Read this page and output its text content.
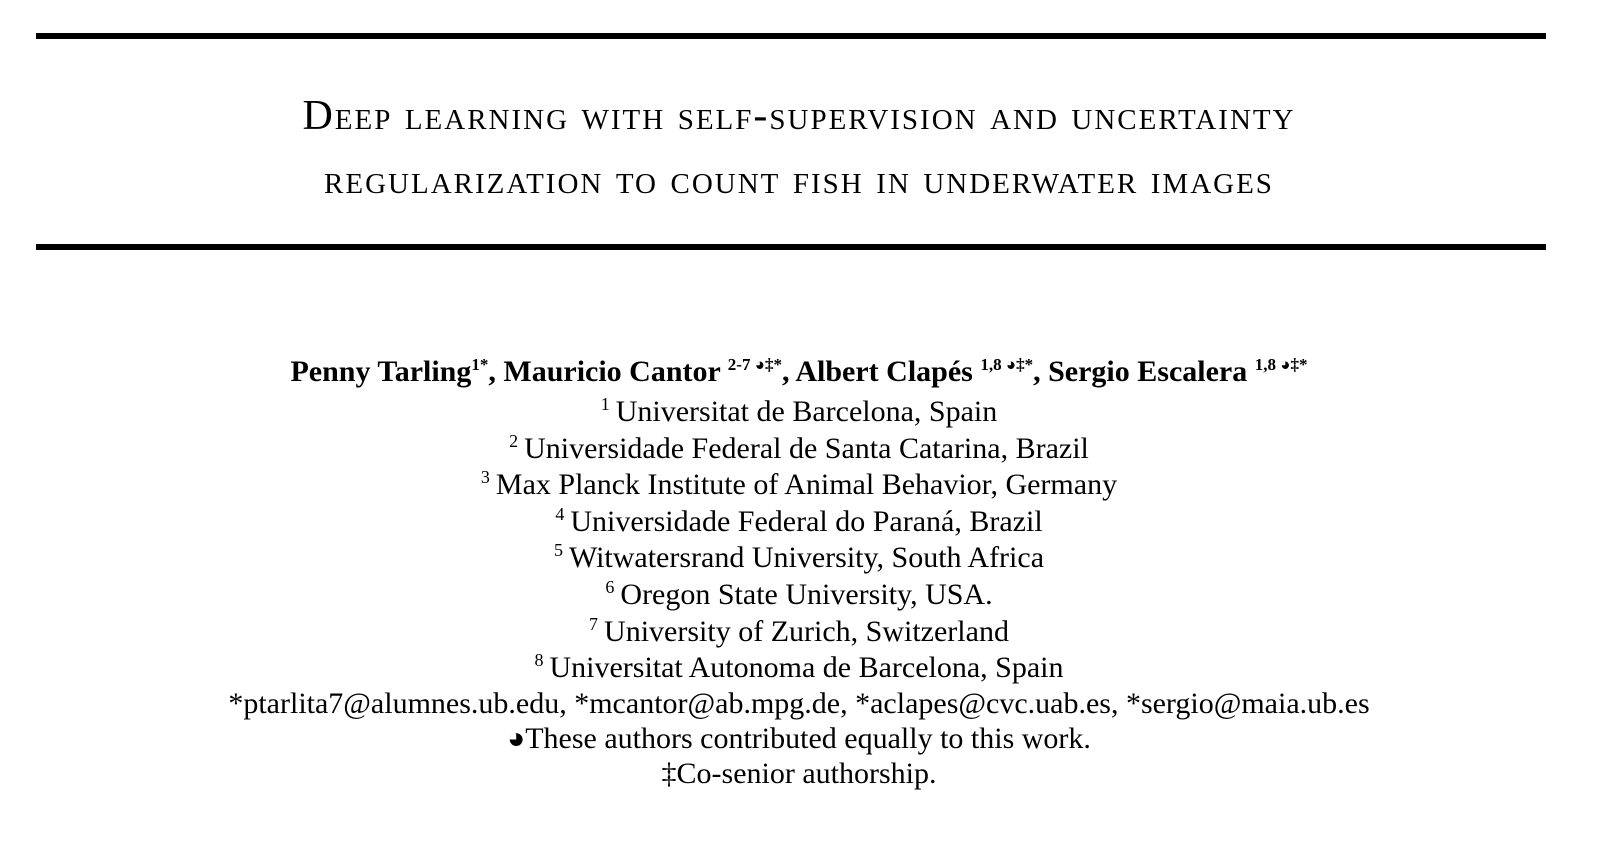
Deep learning with self-supervision and uncertainty
regularization to count fish in underwater images
Penny Tarling$^{1*}$, Mauricio Cantor $^{2-7 ◕\ddagger*}$, Albert Clapés $^{1,8 ◕\ddagger*}$, Sergio Escalera $^{1,8 ◕\ddagger*}$
$^1$ Universitat de Barcelona, Spain
$^2$ Universidade Federal de Santa Catarina, Brazil
$^3$ Max Planck Institute of Animal Behavior, Germany
$^4$ Universidade Federal do Paraná, Brazil
$^5$ Witwatersrand University, South Africa
$^6$ Oregon State University, USA.
$^7$ University of Zurich, Switzerland
$^8$ Universitat Autonoma de Barcelona, Spain
*ptarlita7@alumnes.ub.edu, *mcantor@ab.mpg.de, *aclapes@cvc.uab.es, *sergio@maia.ub.es
◕These authors contributed equally to this work.
‡Co-senior authorship.
